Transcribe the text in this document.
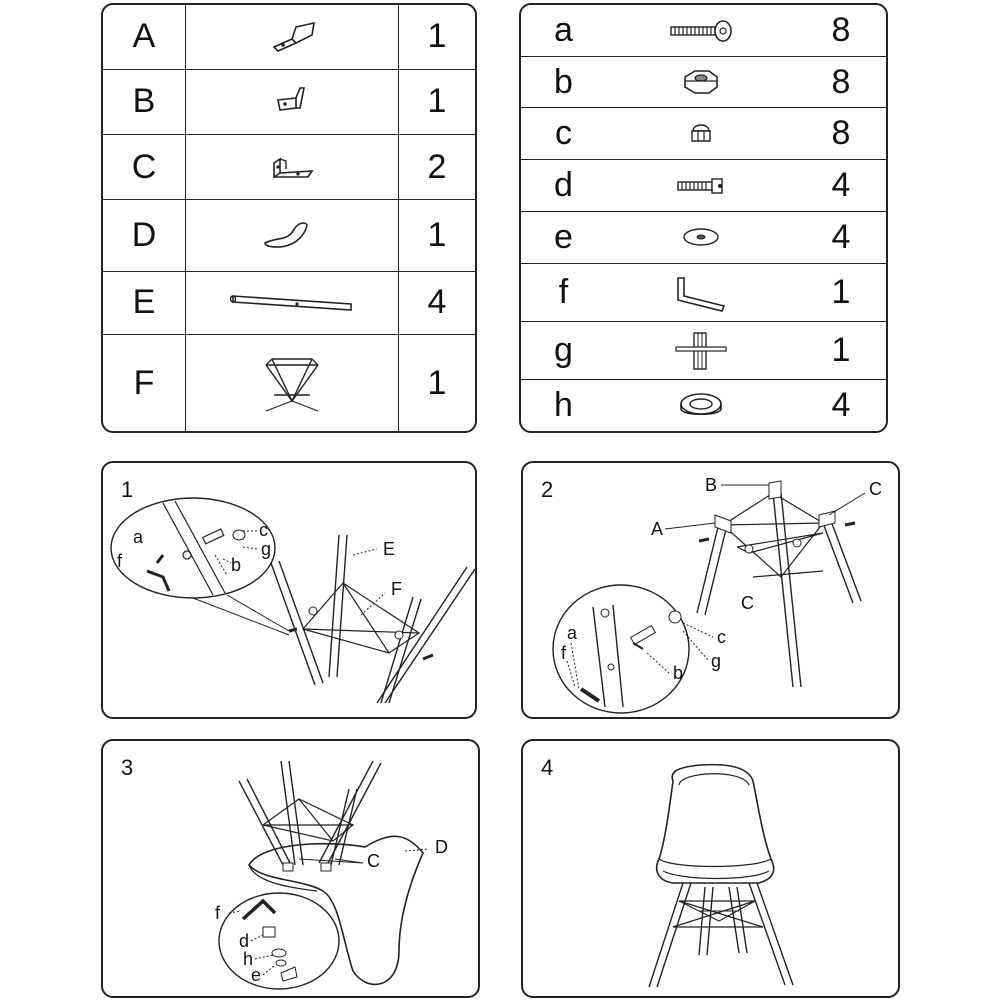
A		1
B		1
C		2
D		1
E		4
F		1
a		8
b		8
c		8
d		4
e		4
f		1
g		1
h		4
1
c
g
a
f	b
E
F
2	B	C
A
C
a
f
c
g
b
3
C
D
f
d
h
e
4
